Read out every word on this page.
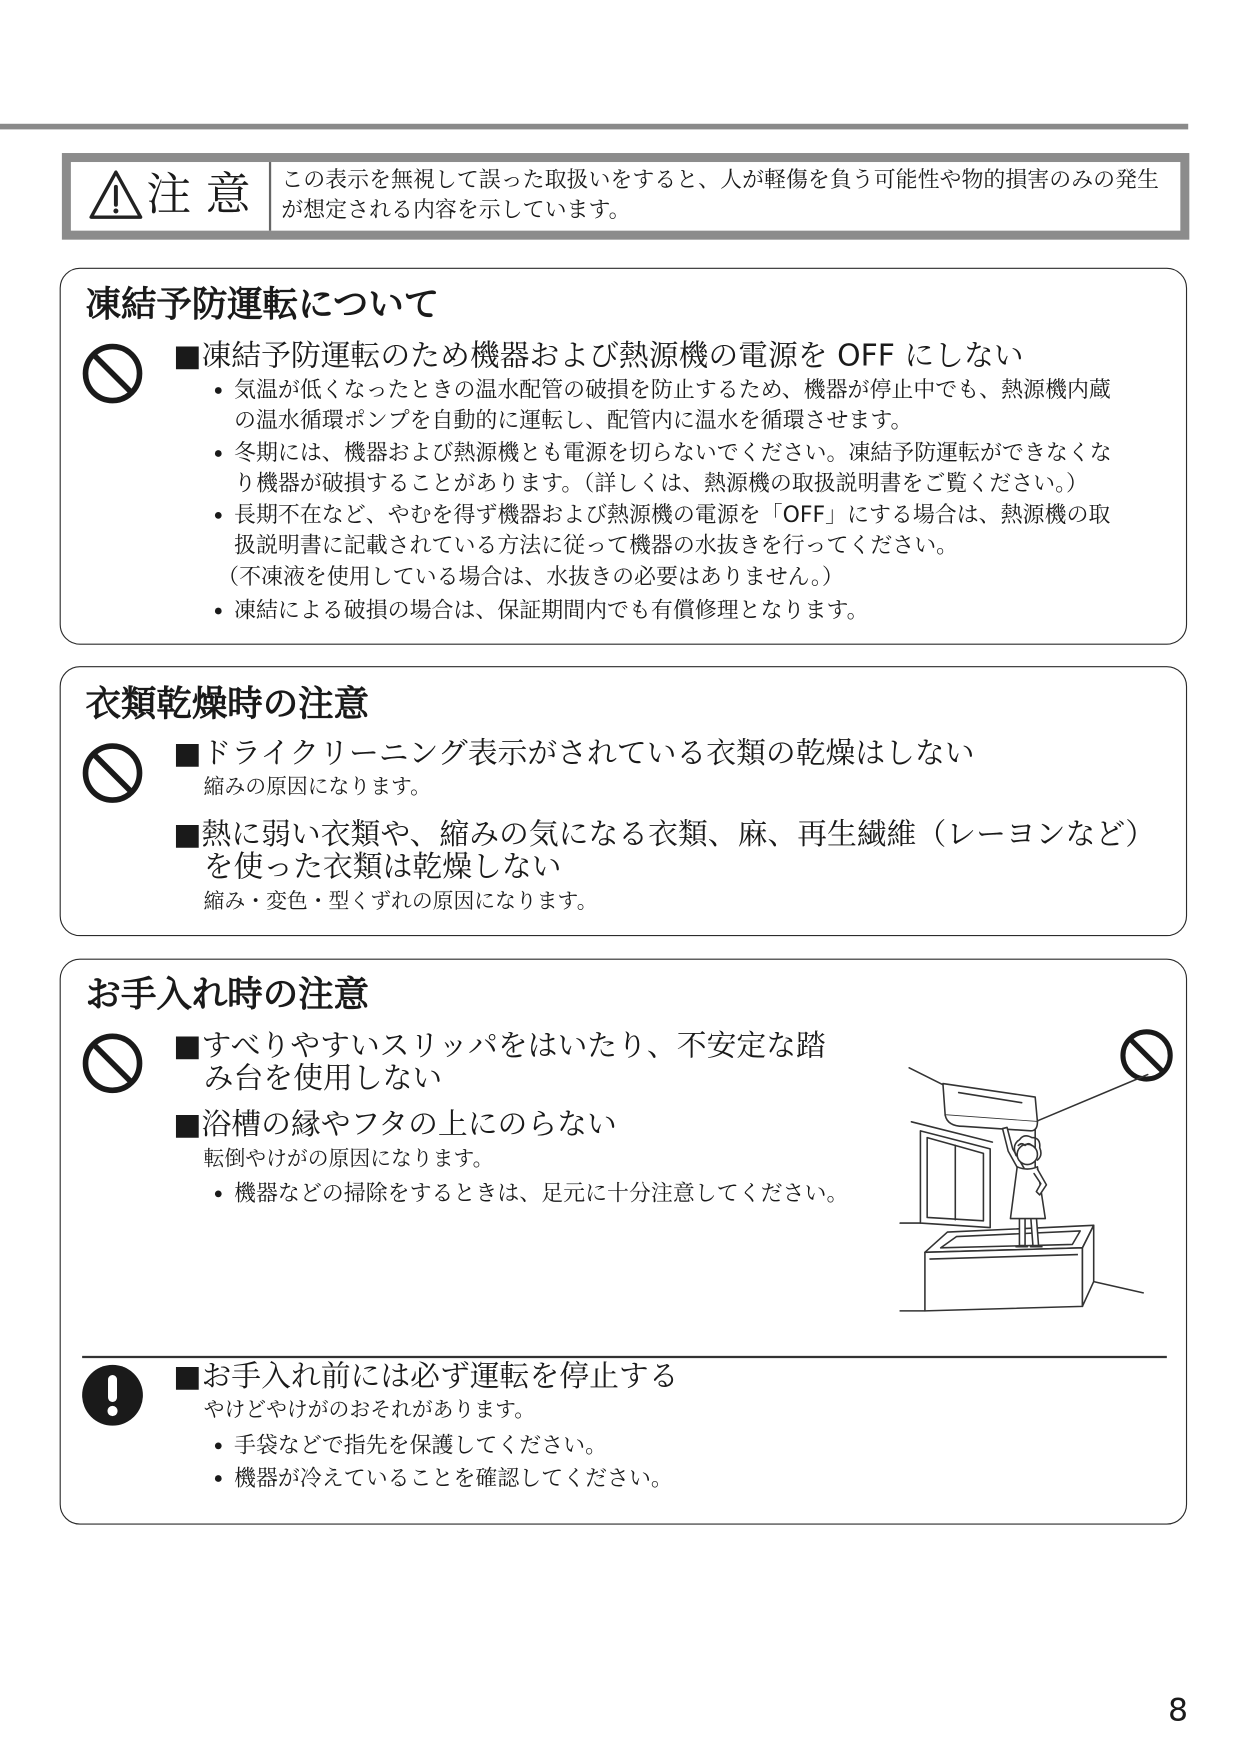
注 意 この表示を無視して誤った取扱いをすると、人が軽傷を負う可能性や物的損害のみの発生
が想定される内容を示しています。
凍結予防運転について
■凍結予防運転のため機器および熱源機の電源を OFF にしない
気温が低くなったときの温水配管の破損を防止するため、機器が停止中でも、熱源機内蔵
の温水循環ポンプを自動的に運転し、配管内に温水を循環させます。
冬期には、機器および熱源機とも電源を切らないでください。凍結予防運転ができなくな
り機器が破損することがあります。（詳しくは、熱源機の取扱説明書をご覧ください。）
長期不在など、やむを得ず機器および熱源機の電源を「OFF」にする場合は、熱源機の取
扱説明書に記載されている方法に従って機器の水抜きを行ってください。
（不凍液を使用している場合は、水抜きの必要はありません。）
凍結による破損の場合は、保証期間内でも有償修理となります。
衣類乾燥時の注意
■ドライクリーニング表示がされている衣類の乾燥はしない
縮みの原因になります。
■熱に弱い衣類や、縮みの気になる衣類、麻、再生繊維（レーヨンなど）
を使った衣類は乾燥しない
縮み・変色・型くずれの原因になります。
お手入れ時の注意
■すべりやすいスリッパをはいたり、不安定な踏
み台を使用しない
■浴槽の縁やフタの上にのらない
転倒やけがの原因になります。
機器などの掃除をするときは、足元に十分注意してください。
■お手入れ前には必ず運転を停止する
やけどやけがのおそれがあります。
手袋などで指先を保護してください。
機器が冷えていることを確認してください。
8
